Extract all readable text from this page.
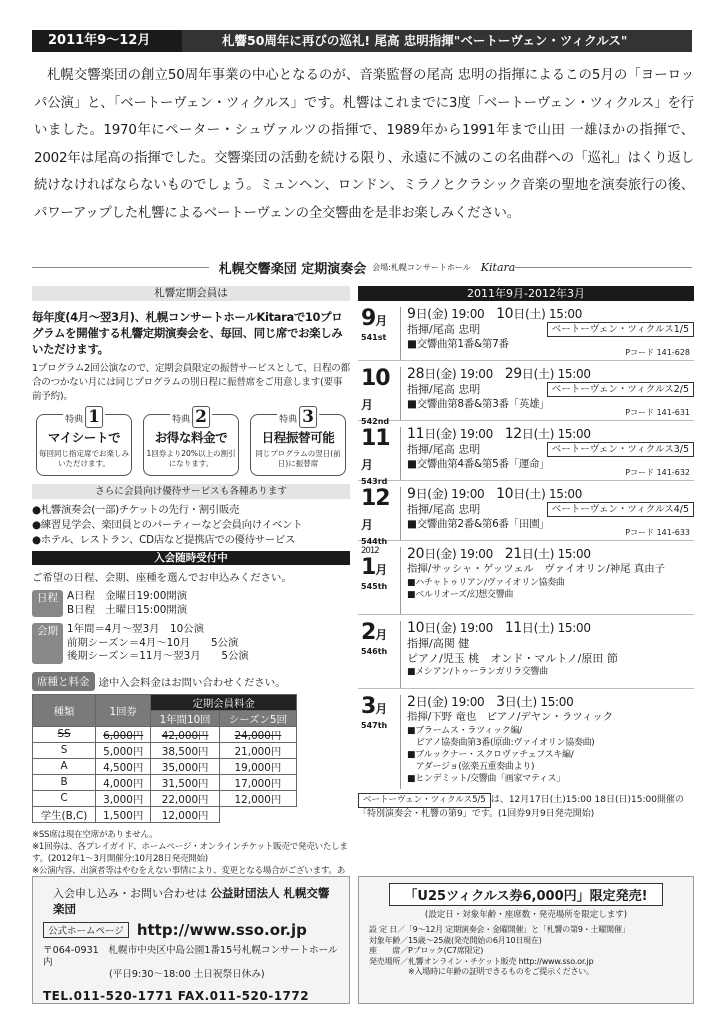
2011年9〜12月	札響50周年に再びの巡礼! 尾高 忠明指揮"ベートーヴェン・ツィクルス"

札幌交響楽団の創立50周年事業の中心となるのが、音楽監督の尾高 忠明の指揮によるこの5月の「ヨーロッパ公演」と、「ベートーヴェン・ツィクルス」です。札響はこれまでに3度「ベートーヴェン・ツィクルス」を行いました。1970年にペーター・シュヴァルツの指揮で、1989年から1991年まで山田 一雄ほかの指揮で、2002年は尾高の指揮でした。交響楽団の活動を続ける限り、永遠に不滅のこの名曲群への「巡礼」はくり返し続けなければならないものでしょう。ミュンヘン、ロンドン、ミラノとクラシック音楽の聖地を演奏旅行の後、パワーアップした札響によるベートーヴェンの全交響曲を是非お楽しみください。

札幌交響楽団 定期演奏会 会場:札幌コンサートホール Kitara
札響定期会員は

毎年度(4月〜翌3月)、札幌コンサートホールKitaraで10プログラムを開催する札響定期演奏会を、毎回、同じ席でお楽しみいただけます。

1プログラム2回公演なので、定期会員限定の振替サービスとして、日程の都合のつかない月には同じプログラムの別日程に振替席をご用意します(要事前予約)。

特典 1
マイシートで
毎回同じ指定席でお楽しみいただけます。
特典 2
お得な料金で
1回券より20%以上の割引になります。
特典 3
日程振替可能
同じプログラムの翌日(前日)に振替席
さらに会員向け優待サービスも各種あります
●札響演奏会(一部)チケットの先行・割引販売
●練習見学会、楽団員とのパーティーなど会員向けイベント
●ホテル、レストラン、CD店など提携店での優待サービス
入会随時受付中

ご希望の日程、会期、座種を選んでお申込みください。

日程 A日程　金曜日19:00開演
B日程　土曜日15:00開演
会期 1年間＝4月〜翌3月　10公演
前期シーズン＝4月〜10月　　5公演
後期シーズン＝11月〜翌3月　　5公演
席種と料金 途中入会料金はお問い合わせください。
種類	1回券	定期会員料金	
		1年間10回	シーズン5回
SS	6,000円	42,000円	24,000円
S	5,000円	38,500円	21,000円
A	4,500円	35,000円	19,000円
B	4,000円	31,500円	17,000円
C	3,000円	22,000円	12,000円
学生(B,C)	1,500円	12,000円	
※SS席は現在空席がありません。
※1回券は、各プレイガイド、ホームページ・オンラインチケット販売で発売いたします。(2012年1〜3月開催分:10月28日発売開始)
※公演内容、出演者等はやむをえない事情により、変更となる場合がございます。あ
2011年9月-2012年3月
9月
541st
9日(金) 19:00　 10日(土) 15:00
指揮/尾高 忠明	ベートーヴェン・ツィクルス1/5
■交響曲第1番&第7番
Pコード 141-628
10月
542nd
28日(金) 19:00　 29日(土) 15:00
指揮/尾高 忠明	ベートーヴェン・ツィクルス2/5
■交響曲第8番&第3番「英雄」
Pコード 141-631
11月
543rd
11日(金) 19:00　 12日(土) 15:00
指揮/尾高 忠明	ベートーヴェン・ツィクルス3/5
■交響曲第4番&第5番「運命」
Pコード 141-632
12月
544th
9日(金) 19:00　 10日(土) 15:00
指揮/尾高 忠明	ベートーヴェン・ツィクルス4/5
■交響曲第2番&第6番「田園」
Pコード 141-633
2012
1月
545th
20日(金) 19:00　 21日(土) 15:00
指揮/サッシャ・ゲッツェル　ヴァイオリン/神尾 真由子
■ハチャトゥリアン/ヴァイオリン協奏曲
■ベルリオーズ/幻想交響曲
2月
546th
10日(金) 19:00　 11日(土) 15:00
指揮/高関 健
ピアノ/児玉 桃　オンド・マルトノ/原田 節
■メシアン/トゥーランガリラ交響曲
3月
547th
2日(金) 19:00　 3日(土) 15:00
指揮/下野 竜也　ピアノ/デヤン・ラツィック
■ブラームス・ラツィック編/
　ピアノ協奏曲第3番(原曲:ヴァイオリン協奏曲)
■ブルックナー・スクロヴァチェフスキ編/
　アダージョ(弦楽五重奏曲より)
■ヒンデミット/交響曲「画家マティス」
ベートーヴェン・ツィクルス5/5 は、12月17日(土)15:00 18日(日)15:00開催の「特別演奏会・札響の第9」です。(1回券9月9日発売開始)
入会申し込み・お問い合わせは 公益財団法人 札幌交響楽団
公式ホームページ http://www.sso.or.jp
〒064-0931　札幌市中央区中島公園1番15号札幌コンサートホール内
(平日9:30〜18:00 土日祝祭日休み)
TEL.011-520-1771 FAX.011-520-1772
「U25ツィクルス券6,000円」限定発売!
(設定日・対象年齢・座席数・発売場所を限定します)
設 定 日／「9〜12月 定期演奏会・金曜開催」と「札響の第9・土曜開催」
対象年齢／15歳〜25歳(発売開始の6月10日現在)
座　　席／Pブロック(C7席限定)
発売場所／札響オンライン・チケット販売 http://www.sso.or.jp
　　　　　※入場時に年齢の証明できるものをご提示ください。
